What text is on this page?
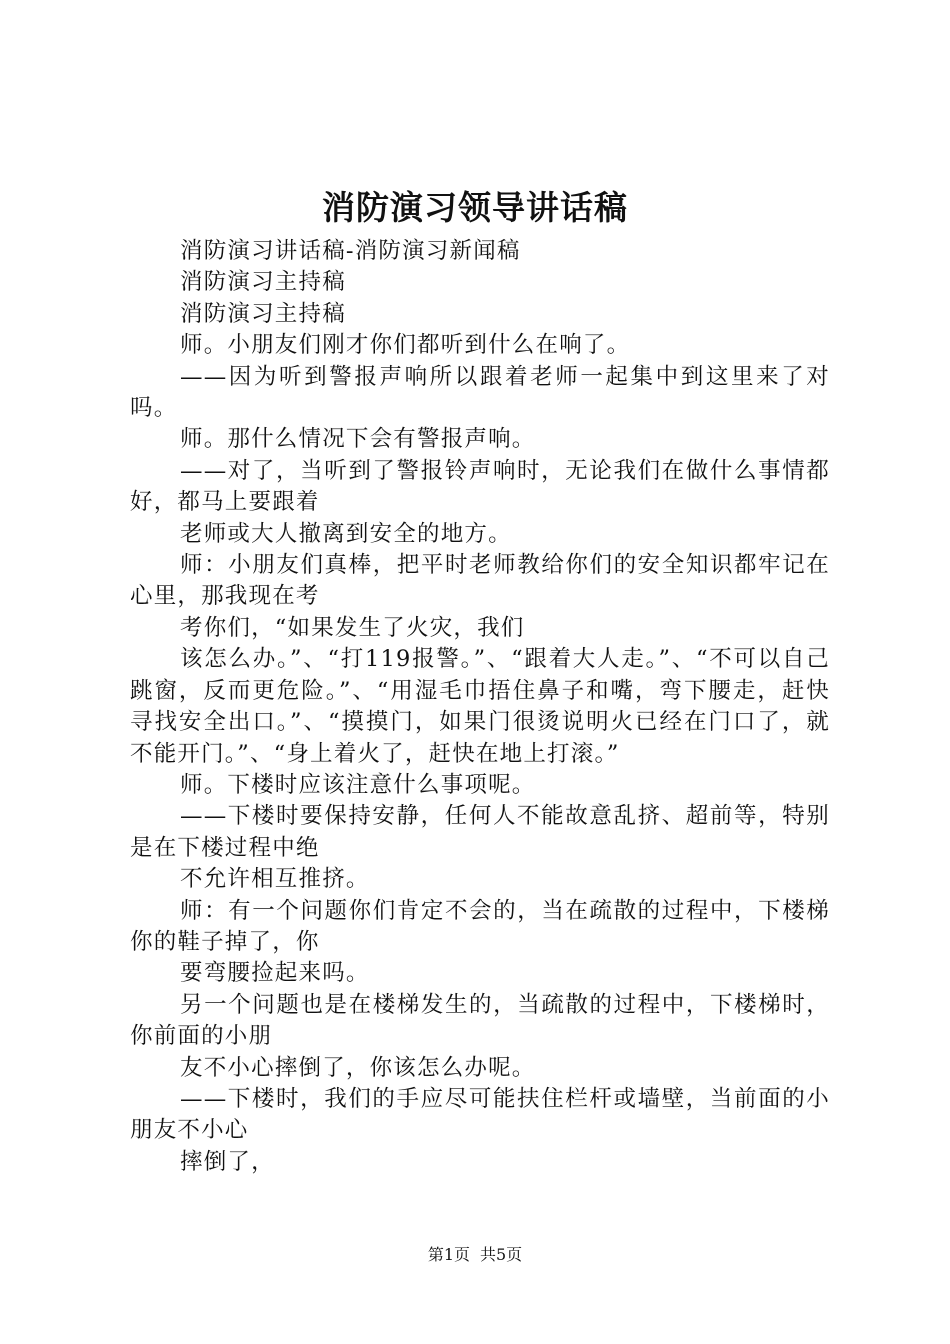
消防演习领导讲话稿

消防演习讲话稿-消防演习新闻稿

消防演习主持稿

消防演习主持稿

师。小朋友们刚才你们都听到什么在响了。

——因为听到警报声响所以跟着老师一起集中到这里来了对吗。

师。那什么情况下会有警报声响。

——对了，当听到了警报铃声响时，无论我们在做什么事情都好，都马上要跟着

老师或大人撤离到安全的地方。

师：小朋友们真棒，把平时老师教给你们的安全知识都牢记在心里，那我现在考

考你们，“如果发生了火灾，我们

该怎么办。”、“打119报警。”、“跟着大人走。”、“不可以自己跳窗，反而更危险。”、“用湿毛巾捂住鼻子和嘴，弯下腰走，赶快寻找安全出口。”、“摸摸门，如果门很烫说明火已经在门口了，就不能开门。”、“身上着火了，赶快在地上打滚。”

师。下楼时应该注意什么事项呢。

——下楼时要保持安静，任何人不能故意乱挤、超前等，特别是在下楼过程中绝

不允许相互推挤。

师：有一个问题你们肯定不会的，当在疏散的过程中，下楼梯你的鞋子掉了，你

要弯腰捡起来吗。

另一个问题也是在楼梯发生的，当疏散的过程中，下楼梯时，你前面的小朋

友不小心摔倒了，你该怎么办呢。

——下楼时，我们的手应尽可能扶住栏杆或墙壁，当前面的小朋友不小心

摔倒了，

第1页 共5页
